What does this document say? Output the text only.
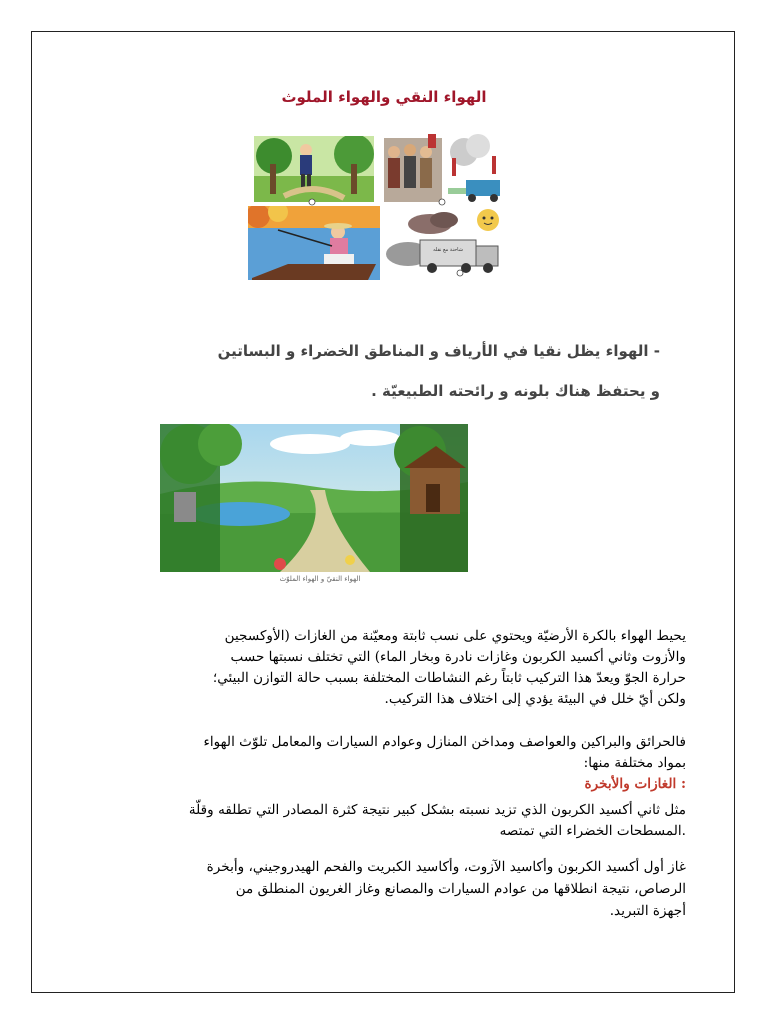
الهواء النقي والهواء الملوث
شاحنة مع نقله
- الهواء يظل نقيا في الأرياف و المناطق الخضراء و البساتين
و يحتفظ هناك بلونه و رائحته الطبيعيّة .
الهواء النقيّ و الهواء الملوّث
يحيط الهواء بالكرة الأرضيّة ويحتوي على نسب ثابتة ومعيّنة من الغازات (الأوكسجين
والأزوت وثاني أكسيد الكربون وغازات نادرة وبخار الماء) التي تختلف نسبتها حسب
حرارة الجوّ ويعدّ هذا التركيب ثابتاً رغم النشاطات المختلفة بسبب حالة التوازن البيئي؛
ولكن أيّ خلل في البيئة يؤدي إلى اختلاف هذا التركيب.
فالحرائق والبراكين والعواصف ومداخن المنازل وعوادم السيارات والمعامل تلوّث الهواء
بمواد مختلفة منها:
: الغازات والأبخرة
مثل ثاني أكسيد الكربون الذي تزيد نسبته بشكل كبير نتيجة كثرة المصادر التي تطلقه وقلّة
.المسطحات الخضراء التي تمتصه
غاز أول أكسيد الكربون وأكاسيد الآزوت، وأكاسيد الكبريت والفحم الهيدروجيني، وأبخرة
الرصاص، نتيجة انطلاقها من عوادم السيارات والمصانع وغاز الغريون المنطلق من
أجهزة التبريد.
